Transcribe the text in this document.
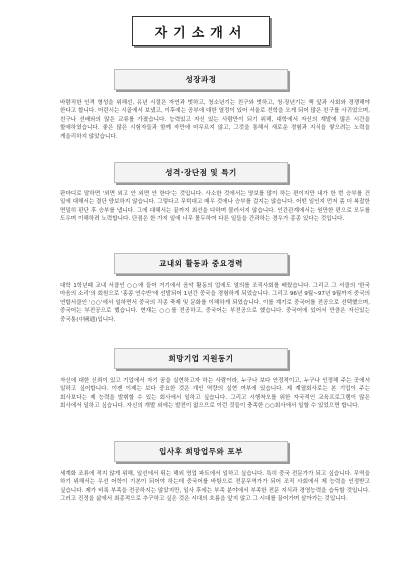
자기소개서
성장과정
바람직한 인격 형성을 위해선, 유년 시절은 자연과 벗하고, 청소년기는 친구와 벗하고, 청·장년기는 책 앞과 사회와 경쟁해야 한다고 합니다. 어린시는 시골에서 보냈고, 이후에는 공부에 대한 열정이 있어 서울로 전학을 오게 되어 많은 친구를 사귀었으며, 친구나 선배와의 많은 교류를 가졌습니다. 능력있고 자신 있는 사람만이 되기 위해, 대학에서 자신의 계발에 많은 시간을 할애하였습니다. 좋은 많은 시험자들과 함께 자만에 마무르지 않고, 그것을 통해서 새로운 경험과 지식을 쌓으려는 노력을 게을리하지 않았습니다.
성격·장단점 및 특기
판마디로 말하면 '외면 외고 안 외면 안 한다'는 것입니다. 사소한 것에서는 양보를 많이 하는 편이지만 내가 한 번 승부를 건 일에 대해서는 결단 양보하지 않습니다. 그렇다고 무턱대고 매우 것에나 승부를 걸지는 않습니다. 어떤 일인지 먼저 좀 더 복잡한 면밀히 판단 후 승부를 냅니다. 그에 대해서는 끝까지 최선을 다하며 물러서지 않습니다. 인간관계에서는 원만한 편으로 모두를 도우며 이해하려 노력합니다. 단점은 한 가지 일에 너무 몰두하여 다른 일들을 간과하는 경우가 종종 있다는 것입니다.
교내외 활동과 중요경력
대학 1학년때 교내 서클인 ○○에 들어 거기에서 음악 활동의 업에도 열의를 조직사회를 배웠습니다. 그리고 그 서클의 '한국 마음의 소리'의 회원으로 '홍콩 연수반'에 선발되어 1년간 중국을 경험하게 되었습니다. 그리고 96년 9월~97년 9월까지 중국의 연합서클인 '○○'에서 일하면서 중국의 각종 축제 및 문화를 이해하게 되었습니다. 이를 계기로 중국어를 전공으로 선택했으며, 중국어는 부전공으로 했습니다. 현재는 ○○를 전공하고, 중국어는 부전공으로 했습니다. 중국어에 있어서 만큼은 자신있는 중국통(中國通)입니다.
희망기업 지원동기
자신에 대한 신뢰이 있고 기업에서 자기 꿈을 실현하고자 하는 사람이라, 누구나 보다 안정적이고, 누구나 인정해 주는 곳에서 일하고 싶어합니다. 이젠 이제는 보다 중요한 것은 개인 역량의 실현 여부에 있습니다. 제 계열회사로는 본 기업이 주는 회사보다는 제 능력을 발휘할 수 있는 회사에서 일하고 싶습니다. 그리고 시행착오를 위한 자국적인 교육프로그램이 많은 회사에서 일하고 싶습니다. 자신의 개발 외에는 발전이 없으므로 이런 것들이 충족한 ○○회사에서 일할 수 있었으면 합니다.
입사후 희망업무와 포부
세계화 조류에 적지 않게 위해, 일선에서 뛰는 해외 영업 파트에서 일하고 싶습니다. 특히 중국 전문가가 되고 싶습니다. 무역을 하기 위해서는 우선 어학이 기본이 되어야 하는데 중국어를 바탕으로 전문무역가가 되어 조직 사회에서 제 능력을 인정받고 싶습니다. 제가 비록 부족을 전공하지는 않았지만, 일사 후에는 부족 분야에서 부족한 전문 지식과 경영능력을 습득할 것입니다. 그러고 진정을 삶에서 최종적으로 추구하고 싶은 것은 시대의 흐름을 앞지 않고 그 시대를 끌어가며 살아가는 것입니다.
